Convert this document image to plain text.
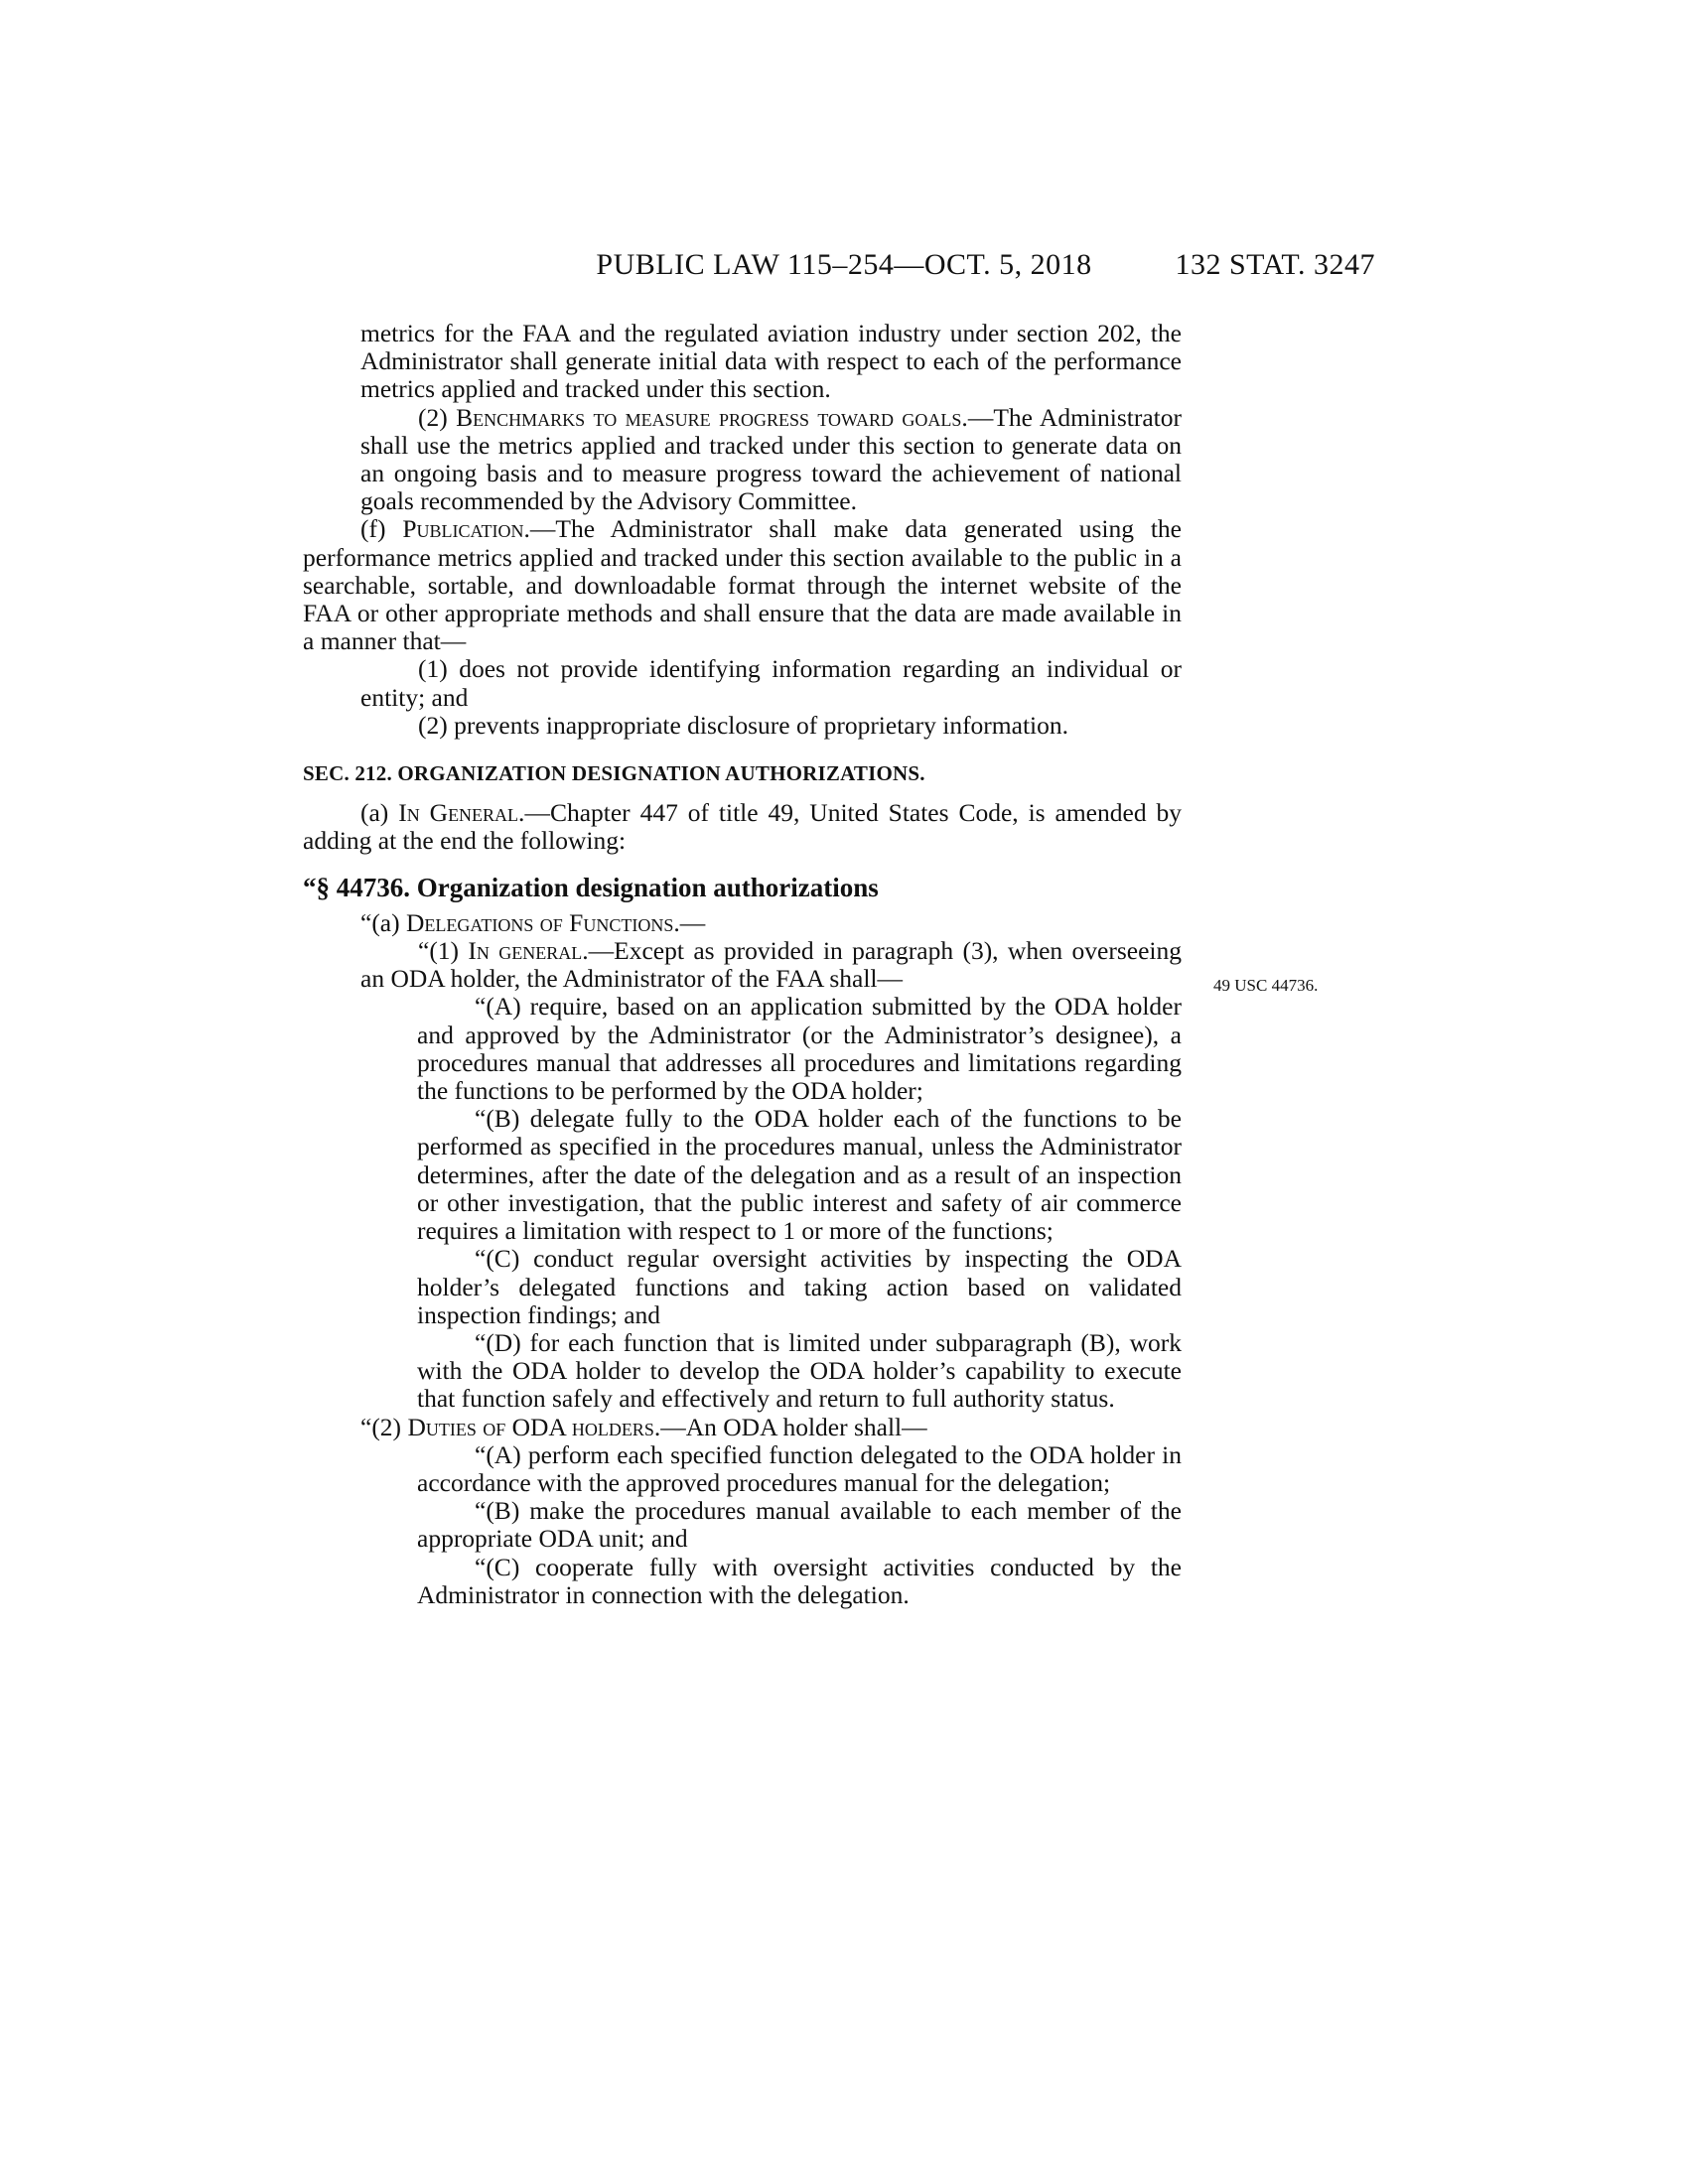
PUBLIC LAW 115–254—OCT. 5, 2018	132 STAT. 3247
49 USC 44736.

metrics for the FAA and the regulated aviation industry under section 202, the Administrator shall generate initial data with respect to each of the performance metrics applied and tracked under this section.

(2) Benchmarks to measure progress toward goals.—The Administrator shall use the metrics applied and tracked under this section to generate data on an ongoing basis and to measure progress toward the achievement of national goals recommended by the Advisory Committee.

(f) Publication.—The Administrator shall make data generated using the performance metrics applied and tracked under this section available to the public in a searchable, sortable, and downloadable format through the internet website of the FAA or other appropriate methods and shall ensure that the data are made available in a manner that—

(1) does not provide identifying information regarding an individual or entity; and

(2) prevents inappropriate disclosure of proprietary information.

SEC. 212. ORGANIZATION DESIGNATION AUTHORIZATIONS.

(a) In General.—Chapter 447 of title 49, United States Code, is amended by adding at the end the following:

“§ 44736. Organization designation authorizations

“(a) Delegations of Functions.—

“(1) In general.—Except as provided in paragraph (3), when overseeing an ODA holder, the Administrator of the FAA shall—

“(A) require, based on an application submitted by the ODA holder and approved by the Administrator (or the Administrator’s designee), a procedures manual that addresses all procedures and limitations regarding the functions to be performed by the ODA holder;

“(B) delegate fully to the ODA holder each of the functions to be performed as specified in the procedures manual, unless the Administrator determines, after the date of the delegation and as a result of an inspection or other investigation, that the public interest and safety of air commerce requires a limitation with respect to 1 or more of the functions;

“(C) conduct regular oversight activities by inspecting the ODA holder’s delegated functions and taking action based on validated inspection findings; and

“(D) for each function that is limited under subparagraph (B), work with the ODA holder to develop the ODA holder’s capability to execute that function safely and effectively and return to full authority status.

“(2) Duties of ODA holders.—An ODA holder shall—

“(A) perform each specified function delegated to the ODA holder in accordance with the approved procedures manual for the delegation;

“(B) make the procedures manual available to each member of the appropriate ODA unit; and

“(C) cooperate fully with oversight activities conducted by the Administrator in connection with the delegation.
